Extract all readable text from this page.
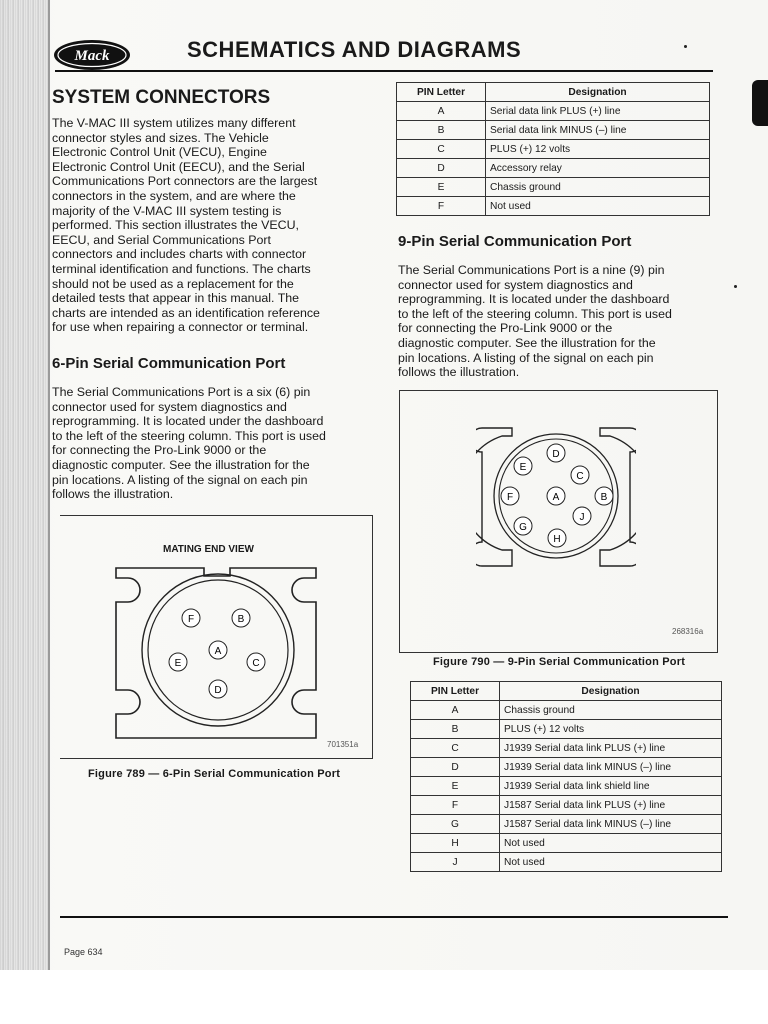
Mack	SCHEMATICS AND DIAGRAMS
SYSTEM CONNECTORS
The V-MAC III system utilizes many different
connector styles and sizes. The Vehicle
Electronic Control Unit (VECU), Engine
Electronic Control Unit (EECU), and the Serial
Communications Port connectors are the largest
connectors in the system, and are where the
majority of the V-MAC III system testing is
performed. This section illustrates the VECU,
EECU, and Serial Communications Port
connectors and includes charts with connector
terminal identification and functions. The charts
should not be used as a replacement for the
detailed tests that appear in this manual. The
charts are intended as an identification reference
for use when repairing a connector or terminal.
6-Pin Serial Communication Port
The Serial Communications Port is a six (6) pin
connector used for system diagnostics and
reprogramming. It is located under the dashboard
to the left of the steering column. This port is used
for connecting the Pro-Link 9000 or the
diagnostic computer. See the illustration for the
pin locations. A listing of the signal on each pin
follows the illustration.
MATING END VIEW
F	B
A
E	C
D
701351a
Figure 789 — 6-Pin Serial Communication Port
PIN Letter	Designation
A	Serial data link PLUS (+) line
B	Serial data link MINUS (–) line
C	PLUS (+) 12 volts
D	Accessory relay
E	Chassis ground
F	Not used
9-Pin Serial Communication Port
The Serial Communications Port is a nine (9) pin
connector used for system diagnostics and
reprogramming. It is located under the dashboard
to the left of the steering column. This port is used
for connecting the Pro-Link 9000 or the
diagnostic computer. See the illustration for the
pin locations. A listing of the signal on each pin
follows the illustration.
D
E
C
F	A	B
G
J
H
268316a
Figure 790 — 9-Pin Serial Communication Port
PIN Letter	Designation
A	Chassis ground
B	PLUS (+) 12 volts
C	J1939 Serial data link PLUS (+) line
D	J1939 Serial data link MINUS (–) line
E	J1939 Serial data link shield line
F	J1587 Serial data link PLUS (+) line
G	J1587 Serial data link MINUS (–) line
H	Not used
J	Not used
Page 634
